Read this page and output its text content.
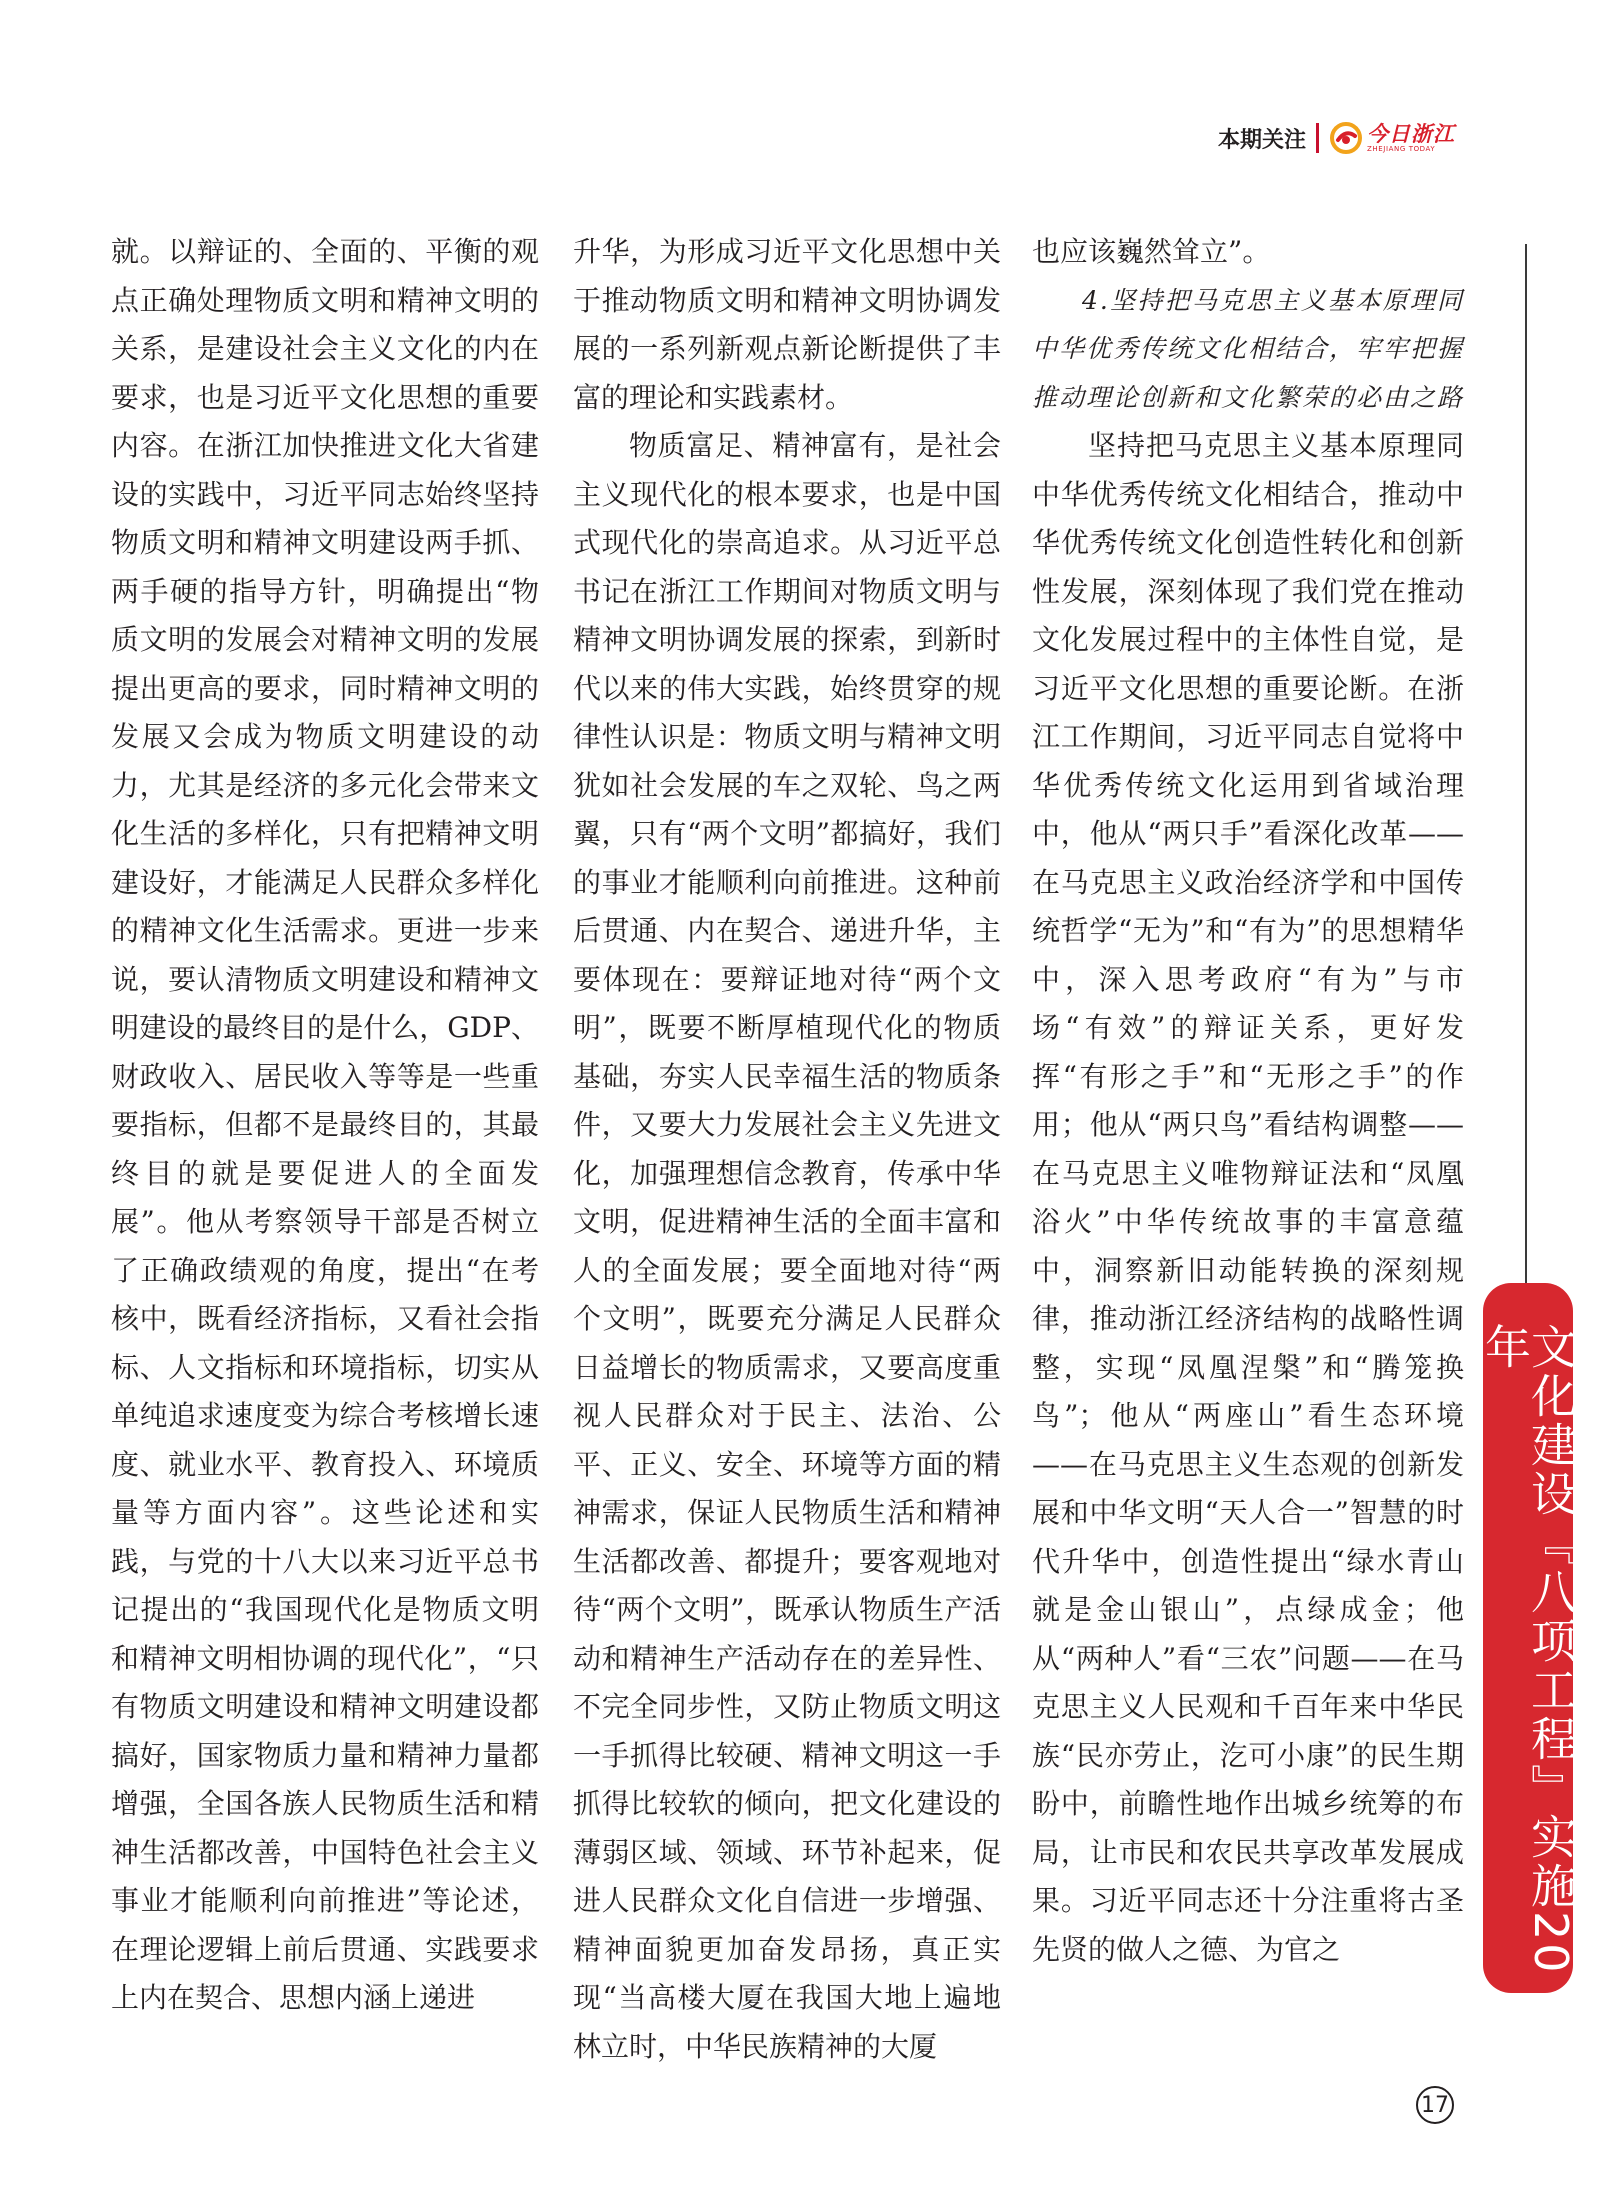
本期关注	今日浙江
ZHEJIANG TODAY

就。以辩证的、全面的、平衡的观点正确处理物质文明和精神文明的关系，是建设社会主义文化的内在要求，也是习近平文化思想的重要内容。在浙江加快推进文化大省建设的实践中，习近平同志始终坚持物质文明和精神文明建设两手抓、两手硬的指导方针，明确提出“物质文明的发展会对精神文明的发展提出更高的要求，同时精神文明的发展又会成为物质文明建设的动力，尤其是经济的多元化会带来文化生活的多样化，只有把精神文明建设好，才能满足人民群众多样化的精神文化生活需求。更进一步来说，要认清物质文明建设和精神文明建设的最终目的是什么，GDP、财政收入、居民收入等等是一些重要指标，但都不是最终目的，其最终目的就是要促进人的全面发展”。他从考察领导干部是否树立了正确政绩观的角度，提出“在考核中，既看经济指标，又看社会指标、人文指标和环境指标，切实从单纯追求速度变为综合考核增长速度、就业水平、教育投入、环境质量等方面内容”。这些论述和实践，与党的十八大以来习近平总书记提出的“我国现代化是物质文明和精神文明相协调的现代化”，“只有物质文明建设和精神文明建设都搞好，国家物质力量和精神力量都增强，全国各族人民物质生活和精神生活都改善，中国特色社会主义事业才能顺利向前推进”等论述，在理论逻辑上前后贯通、实践要求上内在契合、思想内涵上递进

升华，为形成习近平文化思想中关于推动物质文明和精神文明协调发展的一系列新观点新论断提供了丰富的理论和实践素材。

物质富足、精神富有，是社会主义现代化的根本要求，也是中国式现代化的崇高追求。从习近平总书记在浙江工作期间对物质文明与精神文明协调发展的探索，到新时代以来的伟大实践，始终贯穿的规律性认识是：物质文明与精神文明犹如社会发展的车之双轮、鸟之两翼，只有“两个文明”都搞好，我们的事业才能顺利向前推进。这种前后贯通、内在契合、递进升华，主要体现在：要辩证地对待“两个文明”，既要不断厚植现代化的物质基础，夯实人民幸福生活的物质条件，又要大力发展社会主义先进文化，加强理想信念教育，传承中华文明，促进精神生活的全面丰富和人的全面发展；要全面地对待“两个文明”，既要充分满足人民群众日益增长的物质需求，又要高度重视人民群众对于民主、法治、公平、正义、安全、环境等方面的精神需求，保证人民物质生活和精神生活都改善、都提升；要客观地对待“两个文明”，既承认物质生产活动和精神生产活动存在的差异性、不完全同步性，又防止物质文明这一手抓得比较硬、精神文明这一手抓得比较软的倾向，把文化建设的薄弱区域、领域、环节补起来，促进人民群众文化自信进一步增强、精神面貌更加奋发昂扬，真正实现“当高楼大厦在我国大地上遍地林立时，中华民族精神的大厦

也应该巍然耸立”。

4.坚持把马克思主义基本原理同中华优秀传统文化相结合，牢牢把握推动理论创新和文化繁荣的必由之路

坚持把马克思主义基本原理同中华优秀传统文化相结合，推动中华优秀传统文化创造性转化和创新性发展，深刻体现了我们党在推动文化发展过程中的主体性自觉，是习近平文化思想的重要论断。在浙江工作期间，习近平同志自觉将中华优秀传统文化运用到省域治理中，他从“两只手”看深化改革——在马克思主义政治经济学和中国传统哲学“无为”和“有为”的思想精华中，深入思考政府“有为”与市场“有效”的辩证关系，更好发挥“有形之手”和“无形之手”的作用；他从“两只鸟”看结构调整——在马克思主义唯物辩证法和“凤凰浴火”中华传统故事的丰富意蕴中，洞察新旧动能转换的深刻规律，推动浙江经济结构的战略性调整，实现“凤凰涅槃”和“腾笼换鸟”；他从“两座山”看生态环境——在马克思主义生态观的创新发展和中华文明“天人合一”智慧的时代升华中，创造性提出“绿水青山就是金山银山”，点绿成金；他从“两种人”看“三农”问题——在马克思主义人民观和千百年来中华民族“民亦劳止，汔可小康”的民生期盼中，前瞻性地作出城乡统筹的布局，让市民和农民共享改革发展成果。习近平同志还十分注重将古圣先贤的做人之德、为官之	文化建设『八项工程』实施20年
17
